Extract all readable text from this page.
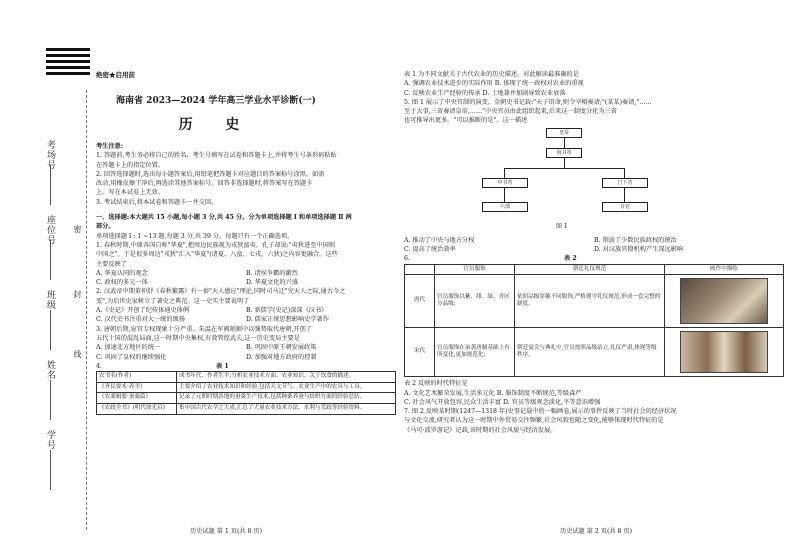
考场号
座位号
班级
姓名
学号
密
封
线
绝密★启用前
海南省 2023—2024 学年高三学业水平诊断(一)
历 史
考生注意:
1. 答题前,考生务必将自己的姓名、考生号填写在试卷和答题卡上,并将考生号条形码粘贴
在答题卡上的指定位置。
2. 回答选择题时,选出每小题答案后,用铅笔把答题卡对应题目的答案标号涂黑。如需
改动,用橡皮擦干净后,再选涂其他答案标号。回答非选择题时,将答案写在答题卡
上。写在本试卷上无效。
3. 考试结束后,将本试卷和答题卡一并交回。
一、选择题:本大题共 15 小题,每小题 3 分,共 45 分。分为单项选择题 Ⅰ 和单项选择题 Ⅱ 两
部分。
单项选择题 Ⅰ : 1 ~13 题,每题 3 分,共 39 分。每题只有一个正确选项。
1. 春秋时期,中原各国自称"华夏",把周边民族视为戎狄蛮夷。孔子却说:"夷狄进至中国则
中国之"。于是很多周边"戎狄"汇入"华夏"(诸夏、八蛮、七戎、六狄)之内容更融合。这些
主要反映了
A. 华夏认同的观念	B. 诸侯争霸的激烈
C. 政权的多元一体	D. 华夏文化的兴盛
2. 汉武帝中期董仲舒《春秋繁露》有一套"天人感应"理论,同时司马迁"究天人之际,通古今之
变",为后世史家树立了著史之典范。这一史实主要说明了
A.《史记》开创了纪传体通史体例	B. 新儒学(史记)深深《汉书》
C. 汉代史书注重对大一统的颂扬	D. 儒家正统思想影响史学著作
3. 唐朝后期,宦官专权现象十分严重。朱温在军阀割据中以强势取代唐朝,开创了
五代十国的混乱局面,这一时期中央集权,有效管控武夫,这一历史变局主要是
A. 加速北方地区的统一	B. 巩固中原王朝发展政策
C. 巩固了皇权的继续强化	D. 加强对地方政府的控制
4.	表 1
农书名(作者)	成书年代、作者生平;分析农业技术方面、农业知识、关于饮食的描述。
《齐民要术·养羊》	主要介绍了农业技术知识和经验,包括天文节气、农业生产中的农具与工具。
《农桑辑要·蚕桑篇》	记录了元朝时期各地的蚕桑生产技术,包括种桑养蚕与纺织方面的经验总结。
《农政全书》(明代徐光启)	集中国古代农学之大成,汇总了大量农业技术方法、水利与荒政等经验资料。
表 1 为不同文献关于古代农业的历史描述。对此解读最准确的是
A. 强调农业技术进步的实际作用 B. 体现了统一政权对农业的重视
C. 反映农业生产经验的传承 D. 土地兼并加剧导致农业衰落
5. 图 1 展示了中央官制的演变。金朝史书记载:"天子诏命,则令宰相奏请;"(某某)奏请,"……
至于大事,三省奏请皇帝,……"中央官员由此组织起来,后来这一制度分化为三省
也可推导出更多。"可以推断的是"。这一描述
皇帝
尚书省
中书省	门下省
六部	百官
图 1
A. 推动了中央与地方分权	B. 削弱了少数民族政权的统治
C. 提高了统治效率	D. 对汉族官僚机构产生深远影响
6.	表 2
	官员服饰	朝廷礼仪规范	画作中描绘
唐代	官员服饰以紫、绯、绿、青区分品级;	依照品级穿戴不同服饰,严格遵守礼仪规范,形成一套完整的制度。	

宋代	官员服饰在承袭唐制基础上有所变化,更加规范化;	朝廷宴会与典礼中,官员按照品级站立,礼仪严肃,体现等级秩序。	
表 2 反映的时代特征是
A. 文化艺术繁荣发展,生活多元化 B. 服饰制度不断规范,等级森严
C. 社会风气开放包容,民众生活丰富 D. 官员等级观念淡化,平等意识增强
7. 图 2 反映某时期(1247—1318 年)史事记载中的一幅画卷,展示的事件反映了当时社会的经济状况
与文化交流,研究者认为这一时期中外贸易交往频繁,社会风貌也随之变化,能够体现时代特征的是
《马可·波罗游记》记载,该时期的社会风貌与经济发展。
历史试题 第 1 页(共 8 页)	历史试题 第 2 页(共 8 页)
